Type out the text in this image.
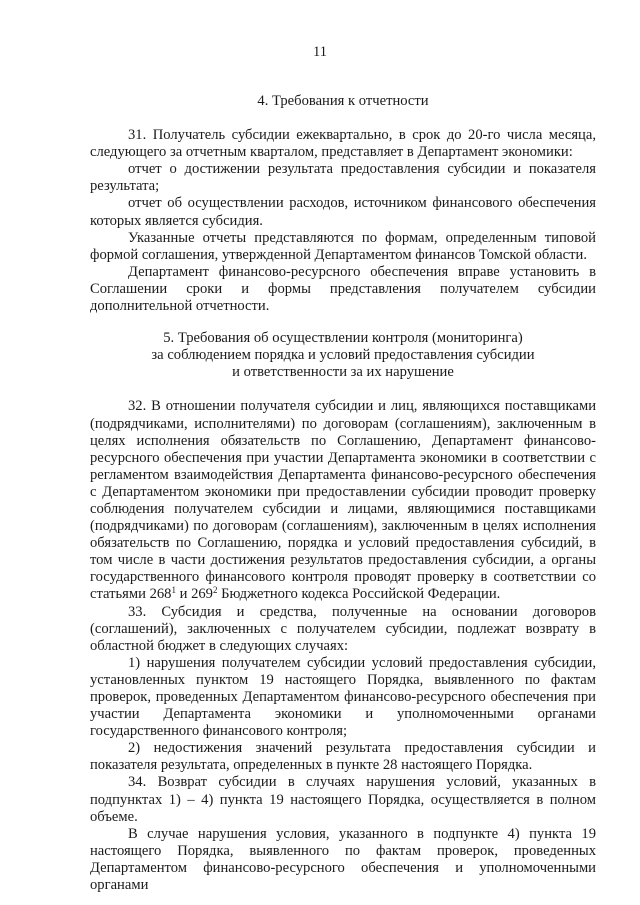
11

4. Требования к отчетности

31. Получатель субсидии ежеквартально, в срок до 20-го числа месяца, следующего за отчетным кварталом, представляет в Департамент экономики:

отчет о достижении результата предоставления субсидии и показателя результата;

отчет об осуществлении расходов, источником финансового обеспечения которых является субсидия.

Указанные отчеты представляются по формам, определенным типовой формой соглашения, утвержденной Департаментом финансов Томской области.

Департамент финансово-ресурсного обеспечения вправе установить в Соглашении сроки и формы представления получателем субсидии дополнительной отчетности.

5. Требования об осуществлении контроля (мониторинга)
за соблюдением порядка и условий предоставления субсидии
и ответственности за их нарушение

32. В отношении получателя субсидии и лиц, являющихся поставщиками (подрядчиками, исполнителями) по договорам (соглашениям), заключенным в целях исполнения обязательств по Соглашению, Департамент финансово-ресурсного обеспечения при участии Департамента экономики в соответствии с регламентом взаимодействия Департамента финансово-ресурсного обеспечения с Департаментом экономики при предоставлении субсидии проводит проверку соблюдения получателем субсидии и лицами, являющимися поставщиками (подрядчиками) по договорам (соглашениям), заключенным в целях исполнения обязательств по Соглашению, порядка и условий предоставления субсидий, в том числе в части достижения результатов предоставления субсидии, а органы государственного финансового контроля проводят проверку в соответствии со статьями $268^1$ и $269^2$ Бюджетного кодекса Российской Федерации.

33. Субсидия и средства, полученные на основании договоров (соглашений), заключенных с получателем субсидии, подлежат возврату в областной бюджет в следующих случаях:

1) нарушения получателем субсидии условий предоставления субсидии, установленных пунктом 19 настоящего Порядка, выявленного по фактам проверок, проведенных Департаментом финансово-ресурсного обеспечения при участии Департамента экономики и уполномоченными органами государственного финансового контроля;

2) недостижения значений результата предоставления субсидии и показателя результата, определенных в пункте 28 настоящего Порядка.

34. Возврат субсидии в случаях нарушения условий, указанных в подпунктах 1) – 4) пункта 19 настоящего Порядка, осуществляется в полном объеме.

В случае нарушения условия, указанного в подпункте 4) пункта 19 настоящего Порядка, выявленного по фактам проверок, проведенных Департаментом финансово-ресурсного обеспечения и уполномоченными органами
